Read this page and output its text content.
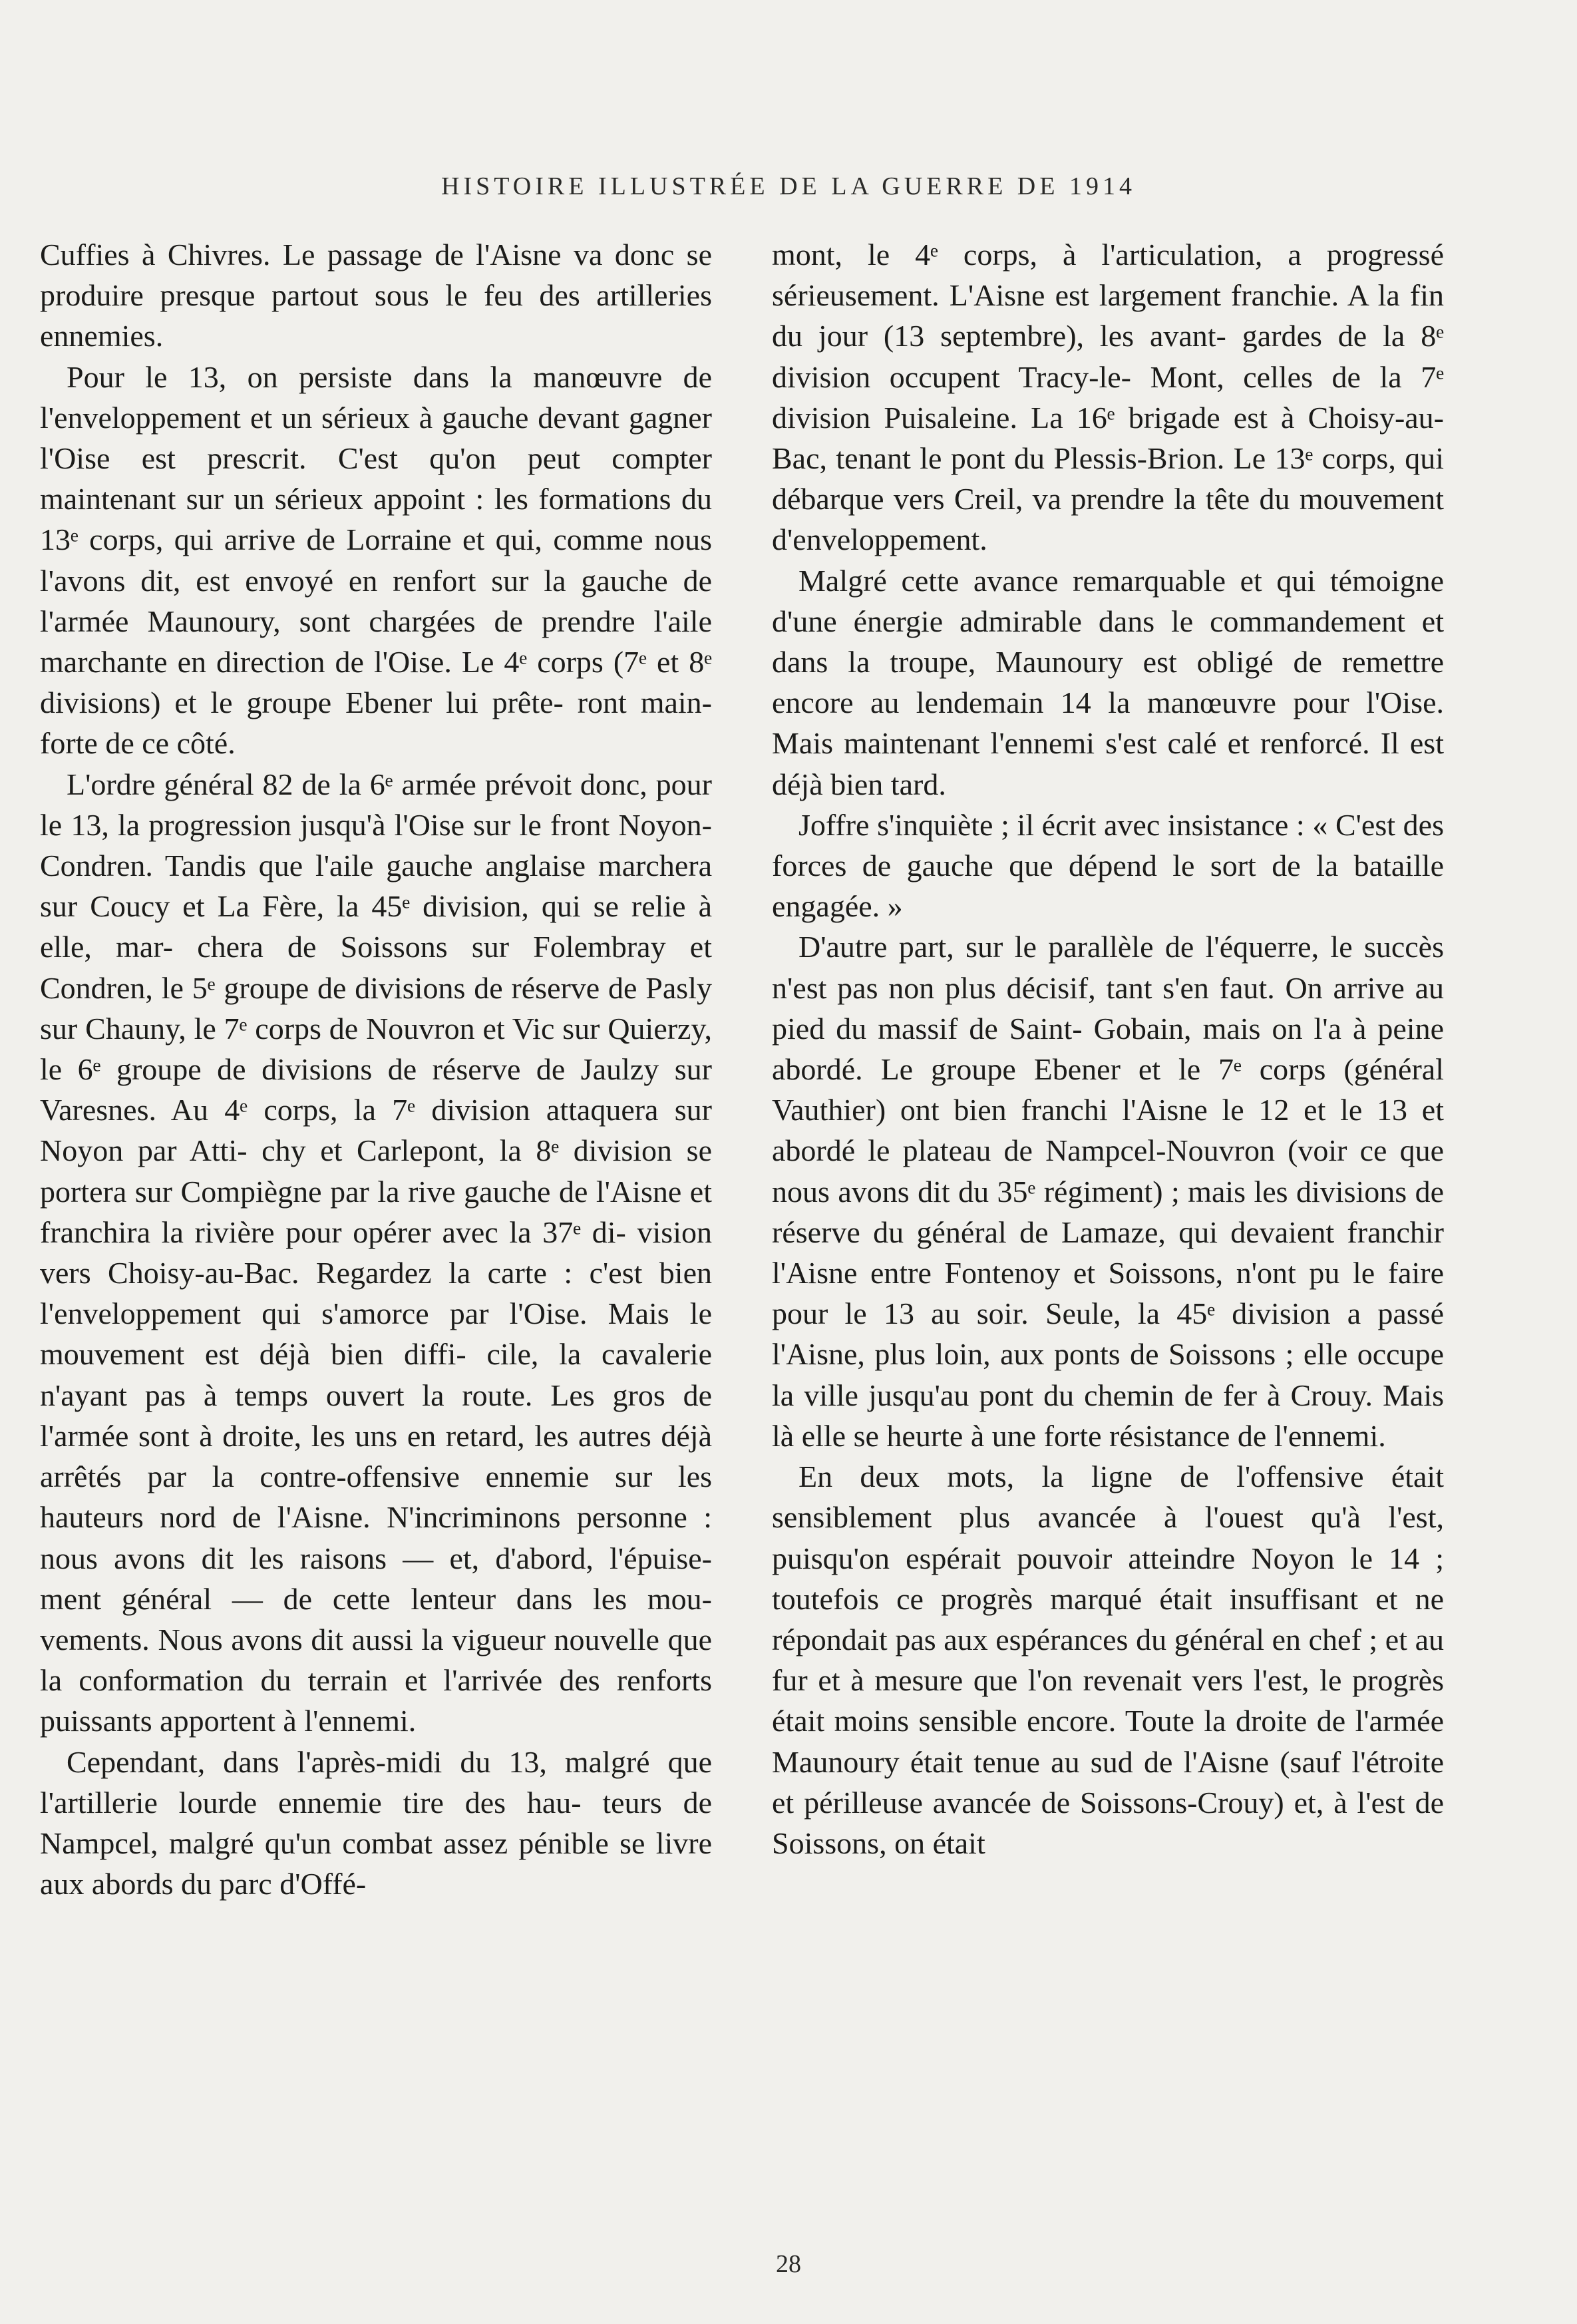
HISTOIRE ILLUSTRÉE DE LA GUERRE DE 1914

Cuffies à Chivres. Le passage de l'Aisne va donc se produire presque partout sous le feu des artilleries ennemies.

Pour le 13, on persiste dans la manœuvre de l'enveloppement et un sérieux à gauche devant gagner l'Oise est prescrit. C'est qu'on peut compter maintenant sur un sérieux appoint : les formations du 13ᵉ corps, qui arrive de Lorraine et qui, comme nous l'avons dit, est envoyé en renfort sur la gauche de l'armée Maunoury, sont chargées de prendre l'aile marchante en direction de l'Oise. Le 4ᵉ corps (7ᵉ et 8ᵉ divisions) et le groupe Ebener lui prête- ront main-forte de ce côté.

L'ordre général 82 de la 6ᵉ armée prévoit donc, pour le 13, la progression jusqu'à l'Oise sur le front Noyon-Condren. Tandis que l'aile gauche anglaise marchera sur Coucy et La Fère, la 45ᵉ division, qui se relie à elle, mar- chera de Soissons sur Folembray et Condren, le 5ᵉ groupe de divisions de réserve de Pasly sur Chauny, le 7ᵉ corps de Nouvron et Vic sur Quierzy, le 6ᵉ groupe de divisions de réserve de Jaulzy sur Varesnes. Au 4ᵉ corps, la 7ᵉ division attaquera sur Noyon par Atti- chy et Carlepont, la 8ᵉ division se portera sur Compiègne par la rive gauche de l'Aisne et franchira la rivière pour opérer avec la 37ᵉ di- vision vers Choisy-au-Bac. Regardez la carte : c'est bien l'enveloppement qui s'amorce par l'Oise. Mais le mouvement est déjà bien diffi- cile, la cavalerie n'ayant pas à temps ouvert la route. Les gros de l'armée sont à droite, les uns en retard, les autres déjà arrêtés par la contre-offensive ennemie sur les hauteurs nord de l'Aisne. N'incriminons personne : nous avons dit les raisons — et, d'abord, l'épuise- ment général — de cette lenteur dans les mou- vements. Nous avons dit aussi la vigueur nouvelle que la conformation du terrain et l'arrivée des renforts puissants apportent à l'ennemi.

Cependant, dans l'après-midi du 13, malgré que l'artillerie lourde ennemie tire des hau- teurs de Nampcel, malgré qu'un combat assez pénible se livre aux abords du parc d'Offé-

mont, le 4ᵉ corps, à l'articulation, a progressé sérieusement. L'Aisne est largement franchie. A la fin du jour (13 septembre), les avant- gardes de la 8ᵉ division occupent Tracy-le- Mont, celles de la 7ᵉ division Puisaleine. La 16ᵉ brigade est à Choisy-au-Bac, tenant le pont du Plessis-Brion. Le 13ᵉ corps, qui débarque vers Creil, va prendre la tête du mouvement d'enveloppement.

Malgré cette avance remarquable et qui témoigne d'une énergie admirable dans le commandement et dans la troupe, Maunoury est obligé de remettre encore au lendemain 14 la manœuvre pour l'Oise. Mais maintenant l'ennemi s'est calé et renforcé. Il est déjà bien tard.

Joffre s'inquiète ; il écrit avec insistance : « C'est des forces de gauche que dépend le sort de la bataille engagée. »

D'autre part, sur le parallèle de l'équerre, le succès n'est pas non plus décisif, tant s'en faut. On arrive au pied du massif de Saint- Gobain, mais on l'a à peine abordé. Le groupe Ebener et le 7ᵉ corps (général Vauthier) ont bien franchi l'Aisne le 12 et le 13 et abordé le plateau de Nampcel-Nouvron (voir ce que nous avons dit du 35ᵉ régiment) ; mais les divisions de réserve du général de Lamaze, qui devaient franchir l'Aisne entre Fontenoy et Soissons, n'ont pu le faire pour le 13 au soir. Seule, la 45ᵉ division a passé l'Aisne, plus loin, aux ponts de Soissons ; elle occupe la ville jusqu'au pont du chemin de fer à Crouy. Mais là elle se heurte à une forte résistance de l'ennemi.

En deux mots, la ligne de l'offensive était sensiblement plus avancée à l'ouest qu'à l'est, puisqu'on espérait pouvoir atteindre Noyon le 14 ; toutefois ce progrès marqué était insuffisant et ne répondait pas aux espérances du général en chef ; et au fur et à mesure que l'on revenait vers l'est, le progrès était moins sensible encore. Toute la droite de l'armée Maunoury était tenue au sud de l'Aisne (sauf l'étroite et périlleuse avancée de Soissons-Crouy) et, à l'est de Soissons, on était

28
